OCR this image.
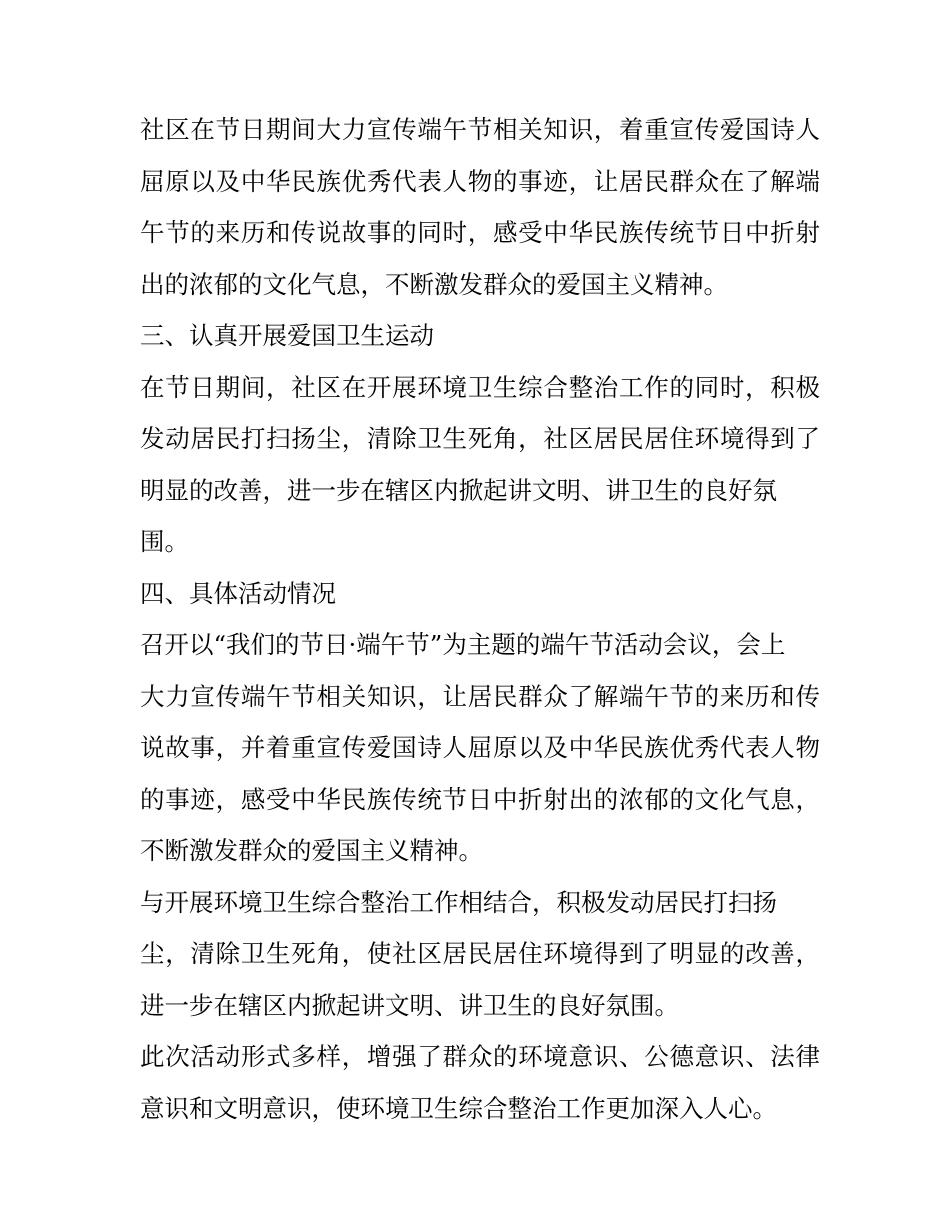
社区在节日期间大力宣传端午节相关知识，着重宣传爱国诗人
屈原以及中华民族优秀代表人物的事迹，让居民群众在了解端
午节的来历和传说故事的同时，感受中华民族传统节日中折射
出的浓郁的文化气息，不断激发群众的爱国主义精神。
三、认真开展爱国卫生运动
在节日期间，社区在开展环境卫生综合整治工作的同时，积极
发动居民打扫扬尘，清除卫生死角，社区居民居住环境得到了
明显的改善，进一步在辖区内掀起讲文明、讲卫生的良好氛
围。
四、具体活动情况
召开以“我们的节日·端午节”为主题的端午节活动会议，会上
大力宣传端午节相关知识，让居民群众了解端午节的来历和传
说故事，并着重宣传爱国诗人屈原以及中华民族优秀代表人物
的事迹，感受中华民族传统节日中折射出的浓郁的文化气息，
不断激发群众的爱国主义精神。
与开展环境卫生综合整治工作相结合，积极发动居民打扫扬
尘，清除卫生死角，使社区居民居住环境得到了明显的改善，
进一步在辖区内掀起讲文明、讲卫生的良好氛围。
此次活动形式多样，增强了群众的环境意识、公德意识、法律
意识和文明意识，使环境卫生综合整治工作更加深入人心。
